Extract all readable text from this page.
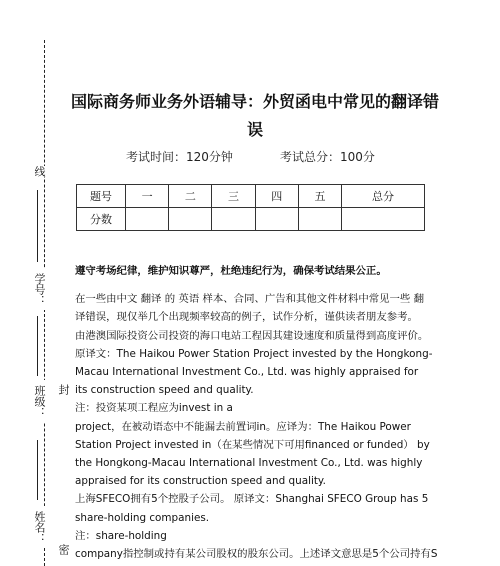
线
学号：
班级： 封
姓名：
密
国际商务师业务外语辅导：外贸函电中常见的翻译错误
考试时间：120分钟	考试总分：100分
题号	一	二	三	四	五	总分
分数						

遵守考场纪律，维护知识尊严，杜绝违纪行为，确保考试结果公正。

在一些由中文 翻译 的 英语 样本、合同、广告和其他文件材料中常见一些 翻译错误，现仅举几个出现频率较高的例子，试作分析，谨供读者朋友参考。

由港澳国际投资公司投资的海口电站工程因其建设速度和质量得到高度评价。

原译文：The Haikou Power Station Project invested by the Hongkong-Macau International Investment Co., Ltd. was highly appraised for its construction speed and quality.

注：投资某项工程应为invest in a

project，在被动语态中不能漏去前置词in。应译为：The Haikou Power Station Project invested in（在某些情况下可用financed or funded） by the Hongkong-Macau International Investment Co., Ltd. was highly appraised for its construction speed and quality.

上海SFECO拥有5个控股子公司。 原译文：Shanghai SFECO Group has 5 share-holding companies.

注：share-holding

company指控制或持有某公司股权的股东公司。上述译文意思是5个公司持有S
